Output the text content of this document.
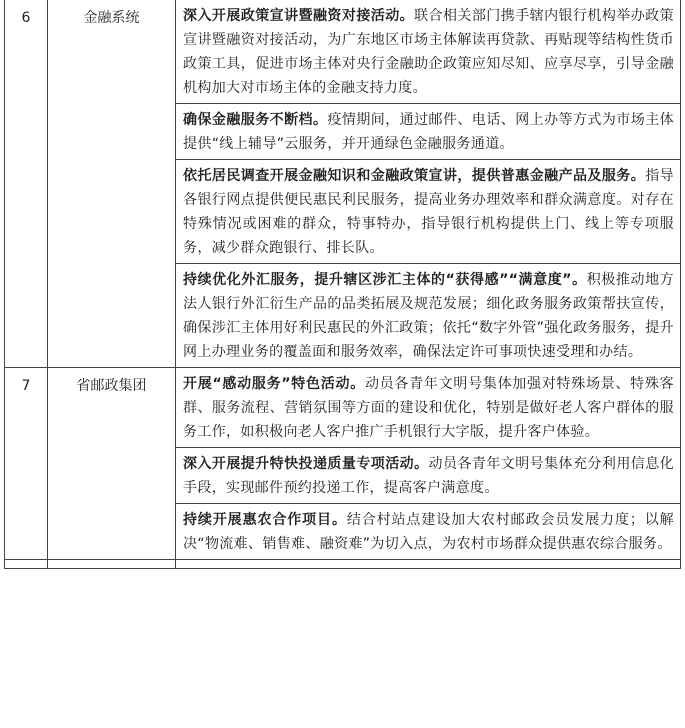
6	金融系统	深入开展政策宣讲暨融资对接活动。联合相关部门携手辖内银行机构举办政策宣讲暨融资对接活动，为广东地区市场主体解读再贷款、再贴现等结构性货币政策工具，促进市场主体对央行金融助企政策应知尽知、应享尽享，引导金融机构加大对市场主体的金融支持力度。
		确保金融服务不断档。疫情期间，通过邮件、电话、网上办等方式为市场主体提供“线上辅导”云服务，并开通绿色金融服务通道。
		依托居民调查开展金融知识和金融政策宣讲，提供普惠金融产品及服务。指导各银行网点提供便民惠民利民服务，提高业务办理效率和群众满意度。对存在特殊情况或困难的群众，特事特办，指导银行机构提供上门、线上等专项服务，减少群众跑银行、排长队。
		持续优化外汇服务，提升辖区涉汇主体的“获得感”“满意度”。积极推动地方法人银行外汇衍生产品的品类拓展及规范发展；细化政务服务政策帮扶宣传，确保涉汇主体用好利民惠民的外汇政策；依托“数字外管”强化政务服务，提升网上办理业务的覆盖面和服务效率，确保法定许可事项快速受理和办结。
7	省邮政集团	开展“感动服务”特色活动。动员各青年文明号集体加强对特殊场景、特殊客群、服务流程、营销氛围等方面的建设和优化，特别是做好老人客户群体的服务工作，如积极向老人客户推广手机银行大字版，提升客户体验。
		深入开展提升特快投递质量专项活动。动员各青年文明号集体充分利用信息化手段，实现邮件预约投递工作，提高客户满意度。
		持续开展惠农合作项目。结合村站点建设加大农村邮政会员发展力度；以解决“物流难、销售难、融资难”为切入点，为农村市场群众提供惠农综合服务。
